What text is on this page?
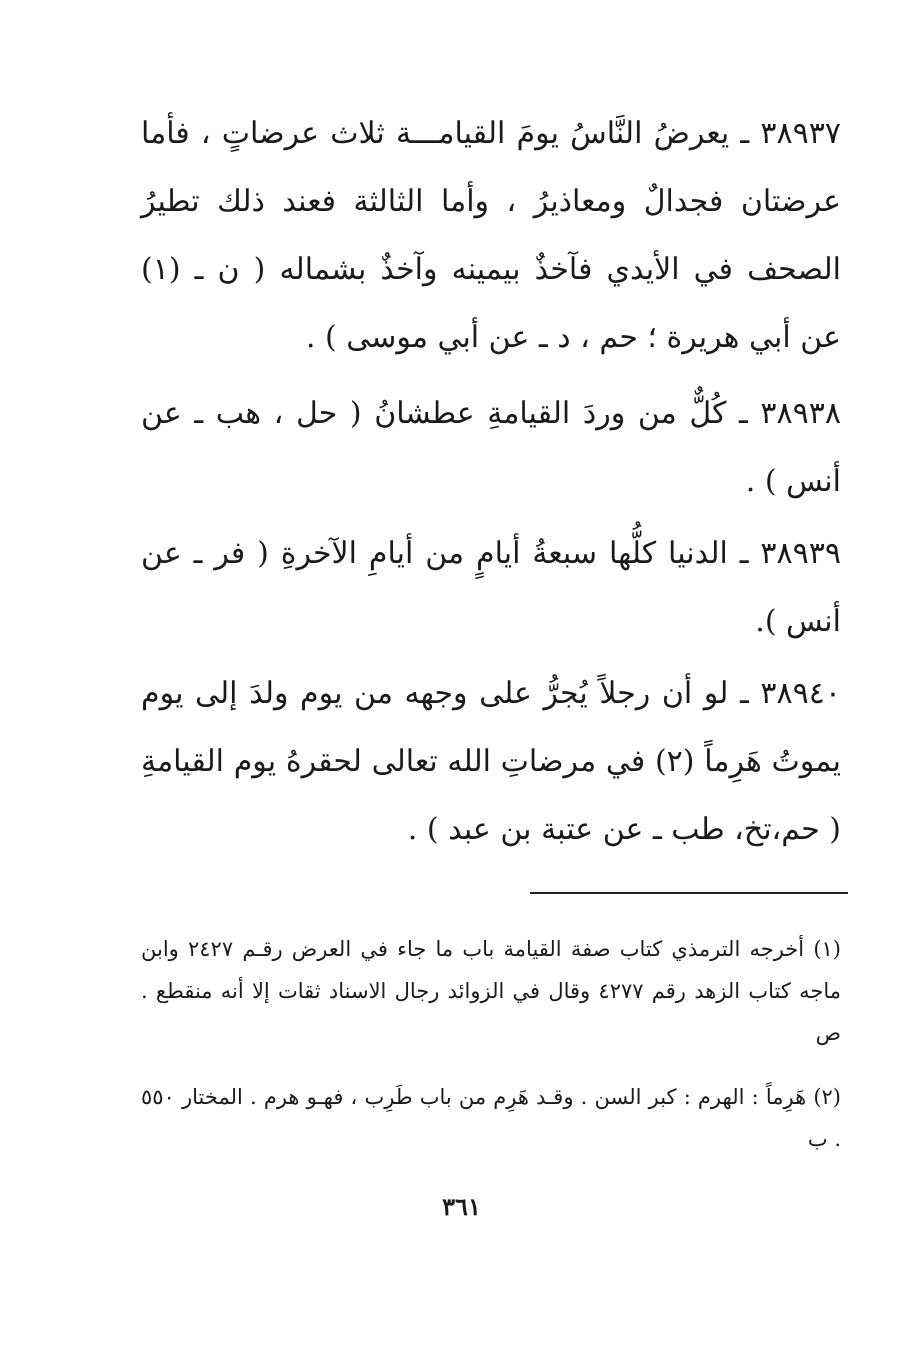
٣٨٩٣٧ ـ يعرضُ النَّاسُ يومَ القيامـــة ثلاث عرضاتٍ ، فأما عرضتان فجدالٌ ومعاذيرُ ، وأما الثالثة فعند ذلك تطيرُ الصحف في الأيدي فآخذٌ بيمينه وآخذٌ بشماله ( ن ـ (١) عن أبي هريرة ؛ حم ، د ـ عن أبي موسى ) .

٣٨٩٣٨ ـ كُلٌّ من وردَ القيامةِ عطشانُ ( حل ، هب ـ عن أنس ) .

٣٨٩٣٩ ـ الدنيا كلُّها سبعةُ أيامٍ من أيامِ الآخرةِ ( فر ـ عن أنس ).

٣٨٩٤٠ ـ لو أن رجلاً يُجرُّ على وجهه من يوم ولدَ إلى يوم يموتُ هَرِماً (٢) في مرضاتِ الله تعالى لحقرهُ يوم القيامةِ ( حم،تخ، طب ـ عن عتبة بن عبد ) .

(١) أخرجه الترمذي كتاب صفة القيامة باب ما جاء في العرض رقـم ٢٤٢٧ وابن ماجه كتاب الزهد رقم ٤٢٧٧ وقال في الزوائد رجال الاسناد ثقات إلا أنه منقطع . ص

(٢) هَرِماً : الهرم : كبر السن . وقـد هَرِم من باب طَرِب ، فهـو هرم . المختار ٥٥٠ . ب

٣٦١
